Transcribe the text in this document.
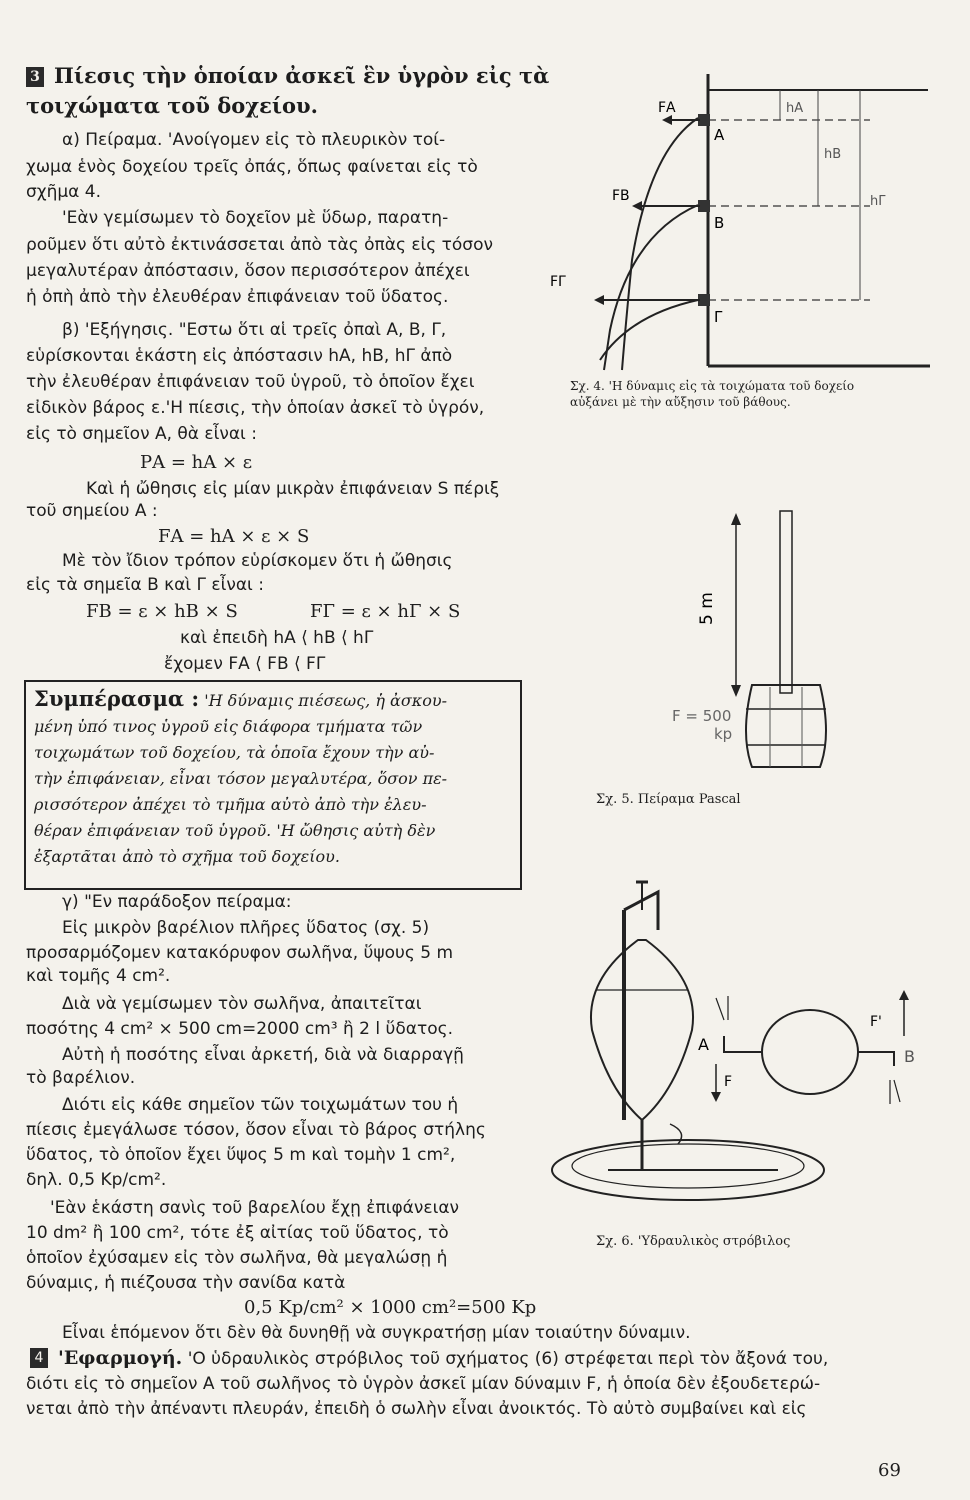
3 Πίεσις τὴν ὁποίαν ἀσκεῖ ἓν ὑγρὸν εἰς τὰ
τοιχώματα τοῦ δοχείου.
α) Πείραμα. 'Ανοίγομεν εἰς τὸ πλευρικὸν τοί-
χωμα ἑνὸς δοχείου τρεῖς ὀπάς, ὅπως φαίνεται εἰς τὸ
σχῆμα 4.
'Εὰν γεμίσωμεν τὸ δοχεῖον μὲ ὕδωρ, παρατη-
ροῦμεν ὅτι αὐτὸ ἐκτινάσσεται ἀπὸ τὰς ὀπὰς εἰς τόσον
μεγαλυτέραν ἀπόστασιν, ὅσον περισσότερον ἀπέχει
ἡ ὀπὴ ἀπὸ τὴν ἐλευθέραν ἐπιφάνειαν τοῦ ὕδατος.
β) 'Εξήγησις. "Εστω ὅτι αἱ τρεῖς ὀπαὶ Α, Β, Γ,
εὑρίσκονται ἑκάστη εἰς ἀπόστασιν hΑ, hΒ, hΓ ἀπὸ
τὴν ἐλευθέραν ἐπιφάνειαν τοῦ ὑγροῦ, τὸ ὁποῖον ἔχει
εἰδικὸν βάρος ε.'Η πίεσις, τὴν ὁποίαν ἀσκεῖ τὸ ὑγρόν,
εἰς τὸ σημεῖον Α, θὰ εἶναι :
PΑ = hΑ × ε
Καὶ ἡ ὤθησις εἰς μίαν μικρὰν ἐπιφάνειαν S πέριξ
τοῦ σημείου Α :
FΑ = hΑ × ε × S
Μὲ τὸν ἴδιον τρόπον εὑρίσκομεν ὅτι ἡ ὤθησις
εἰς τὰ σημεῖα Β καὶ Γ εἶναι :
FΒ = ε × hΒ × S	FΓ = ε × hΓ × S
καὶ ἐπειδὴ hΑ ⟨ hΒ ⟨ hΓ
ἔχομεν FΑ ⟨ FΒ ⟨ FΓ
Συμπέρασμα : 'Η δύναμις πιέσεως, ἡ ἀσκου-
μένη ὑπό τινος ὑγροῦ εἰς διάφορα τμήματα τῶν
τοιχωμάτων τοῦ δοχείου, τὰ ὁποῖα ἔχουν τὴν αὐ-
τὴν ἐπιφάνειαν, εἶναι τόσον μεγαλυτέρα, ὅσον πε-
ρισσότερον ἀπέχει τὸ τμῆμα αὐτὸ ἀπὸ τὴν ἐλευ-
θέραν ἐπιφάνειαν τοῦ ὑγροῦ. 'Η ὤθησις αὐτὴ δὲν
ἐξαρτᾶται ἀπὸ τὸ σχῆμα τοῦ δοχείου.
γ) "Εν παράδοξον πείραμα:
Εἰς μικρὸν βαρέλιον πλῆρες ὕδατος (σχ. 5)
προσαρμόζομεν κατακόρυφον σωλῆνα, ὕψους 5 m
καὶ τομῆς 4 cm².
Διὰ νὰ γεμίσωμεν τὸν σωλῆνα, ἀπαιτεῖται
ποσότης 4 cm² × 500 cm=2000 cm³ ἢ 2 l ὕδατος.
Αὐτὴ ἡ ποσότης εἶναι ἀρκετή, διὰ νὰ διαρραγῇ
τὸ βαρέλιον.
Διότι εἰς κάθε σημεῖον τῶν τοιχωμάτων του ἡ
πίεσις ἐμεγάλωσε τόσον, ὅσον εἶναι τὸ βάρος στήλης
ὕδατος, τὸ ὁποῖον ἔχει ὕψος 5 m καὶ τομὴν 1 cm²,
δηλ. 0,5 Kp/cm².
'Εὰν ἑκάστη σανὶς τοῦ βαρελίου ἔχῃ ἐπιφάνειαν
10 dm² ἢ 100 cm², τότε ἐξ αἰτίας τοῦ ὕδατος, τὸ
ὁποῖον ἐχύσαμεν εἰς τὸν σωλῆνα, θὰ μεγαλώσῃ ἡ
δύναμις, ἡ πιέζουσα τὴν σανίδα κατὰ
0,5 Kp/cm² × 1000 cm²=500 Kp
Εἶναι ἑπόμενον ὅτι δὲν θὰ δυνηθῇ νὰ συγκρατήσῃ μίαν τοιαύτην δύναμιν.
4 'Εφαρμογή. 'Ο ὑδραυλικὸς στρόβιλος τοῦ σχήματος (6) στρέφεται περὶ τὸν ἄξονά του,
διότι εἰς τὸ σημεῖον Α τοῦ σωλῆνος τὸ ὑγρὸν ἀσκεῖ μίαν δύναμιν F, ἡ ὁποία δὲν ἐξουδετερώ-
νεται ἀπὸ τὴν ἀπέναντι πλευράν, ἐπειδὴ ὁ σωλὴν εἶναι ἀνοικτός. Τὸ αὐτὸ συμβαίνει καὶ εἰς
FΑ
FΒ
FΓ
Α
Β
Γ
hΑ
hΒ
hΓ
Σχ. 4. 'Η δύναμις εἰς τὰ τοιχώματα τοῦ δοχείο
αὐξάνει μὲ τὴν αὔξησιν τοῦ βάθους.
5 m
F = 500
kp
Σχ. 5. Πείραμα Pascal
A
B
F
F'
Σχ. 6. 'Υδραυλικὸς στρόβιλος
69
